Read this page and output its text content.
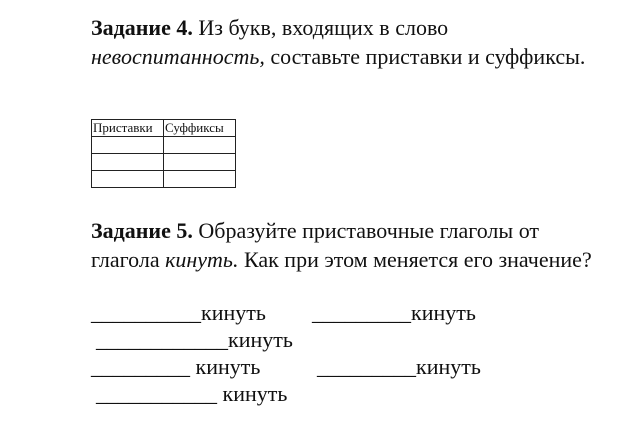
Задание 4. Из букв, входящих в слово
невоспитанность, составьте приставки и суффиксы.
Приставки	Суффиксы

Задание 5. Образуйте приставочные глаголы от глагола кинуть. Как при этом меняется его значение?
__________кинуть _________кинуть
____________кинуть
_________ кинуть	_________кинуть
___________ кинуть
